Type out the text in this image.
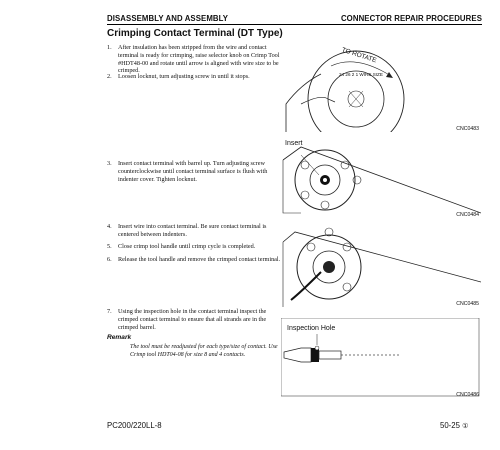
DISASSEMBLY AND ASSEMBLY	CONNECTOR REPAIR PROCEDURES
Crimping Contact Terminal (DT Type)
1. After insulation has been stripped from the wire and contact terminal is ready for crimping, raise selector knob on Crimp Tool #HDT48-00 and rotate until arrow is aligned with wire size to be crimped.
2. Loosen locknut, turn adjusting screw in until it stops.
3. Insert contact terminal with barrel up. Turn adjusting screw counterclockwise until contact terminal surface is flush with indenter cover. Tighten locknut.
4. Insert wire into contact terminal. Be sure contact terminal is centered between indenters.
5. Close crimp tool handle until crimp cycle is completed.
6. Release the tool handle and remove the crimped contact terminal.
7. Using the inspection hole in the contact terminal inspect the crimped contact terminal to ensure that all strands are in the crimped barrel.
Remark
The tool must be readjusted for each type/size of contact. Use Crimp tool HDT04-08 for size 8 and 4 contacts.
TO ROTATE
24 26 2 1 WIRE SIZE
CNC0483
Insert
CNC0484
CNC0485
Inspection Hole
CNC0486
PC200/220LL-8	50-25 ①
